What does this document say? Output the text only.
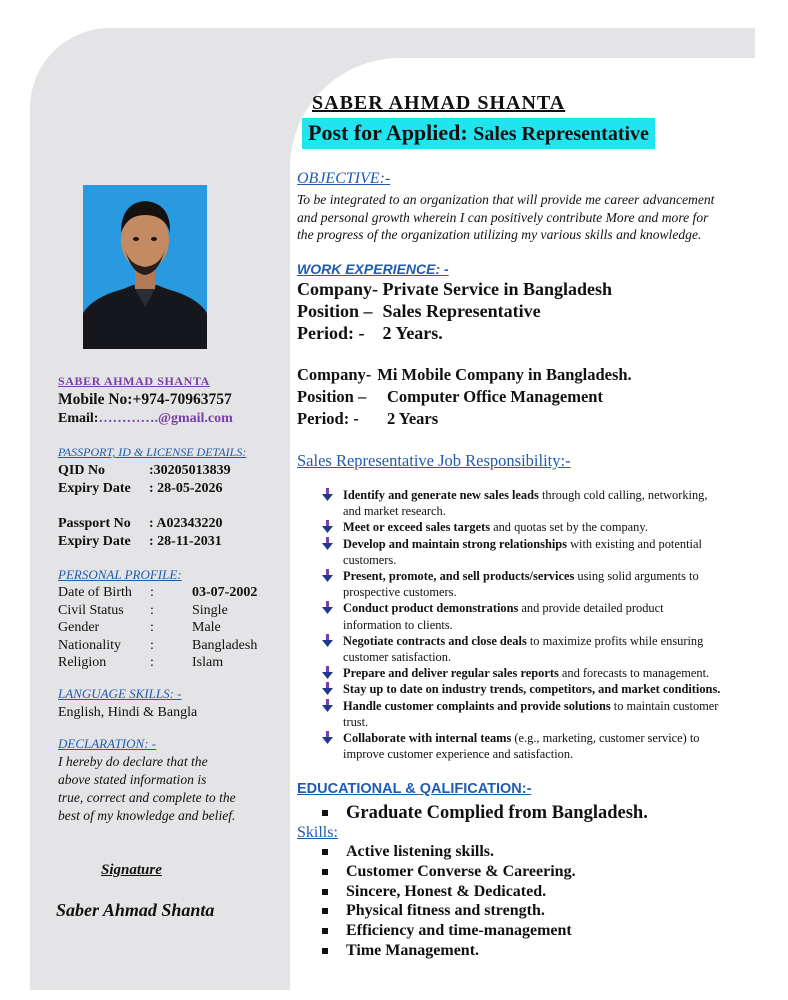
SABER AHMAD SHANTA
Post for Applied: Sales Representative
OBJECTIVE:-
To be integrated to an organization that will provide me career advancement
and personal growth wherein I can positively contribute More and more for
the progress of the organization utilizing my various skills and knowledge.
WORK EXPERIENCE: -
Company- Private Service in Bangladesh
Position – Sales Representative
Period: - 2 Years.
Company- Mi Mobile Company in Bangladesh.
Position – Computer Office Management
Period: - 2 Years
Sales Representative Job Responsibility:-
Identify and generate new sales leads through cold calling, networking,
and market research.
Meet or exceed sales targets and quotas set by the company.
Develop and maintain strong relationships with existing and potential
customers.
Present, promote, and sell products/services using solid arguments to
prospective customers.
Conduct product demonstrations and provide detailed product
information to clients.
Negotiate contracts and close deals to maximize profits while ensuring
customer satisfaction.
Prepare and deliver regular sales reports and forecasts to management.
Stay up to date on industry trends, competitors, and market conditions.
Handle customer complaints and provide solutions to maintain customer
trust.
Collaborate with internal teams (e.g., marketing, customer service) to
improve customer experience and satisfaction.
EDUCATIONAL & QALIFICATION:-
Graduate Complied from Bangladesh.
Skills:
Active listening skills.
Customer Converse & Careering.
Sincere, Honest & Dedicated.
Physical fitness and strength.
Efficiency and time-management
Time Management.
SABER AHMAD SHANTA
Mobile No:+974-70963757
Email:………….@gmail.com
PASSPORT, ID & LICENSE DETAILS:
QID No	:30205013839
Expiry Date : 28-05-2026
Passport No : A02343220
Expiry Date : 28-11-2031
PERSONAL PROFILE:
Date of Birth :	03-07-2002
Civil Status :	Single
Gender	:	Male
Nationality :	Bangladesh
Religion	:	Islam
LANGUAGE SKILLS: -
English, Hindi & Bangla
DECLARATION: -
I hereby do declare that the
above stated information is
true, correct and complete to the
best of my knowledge and belief.
Signature
Saber Ahmad Shanta
